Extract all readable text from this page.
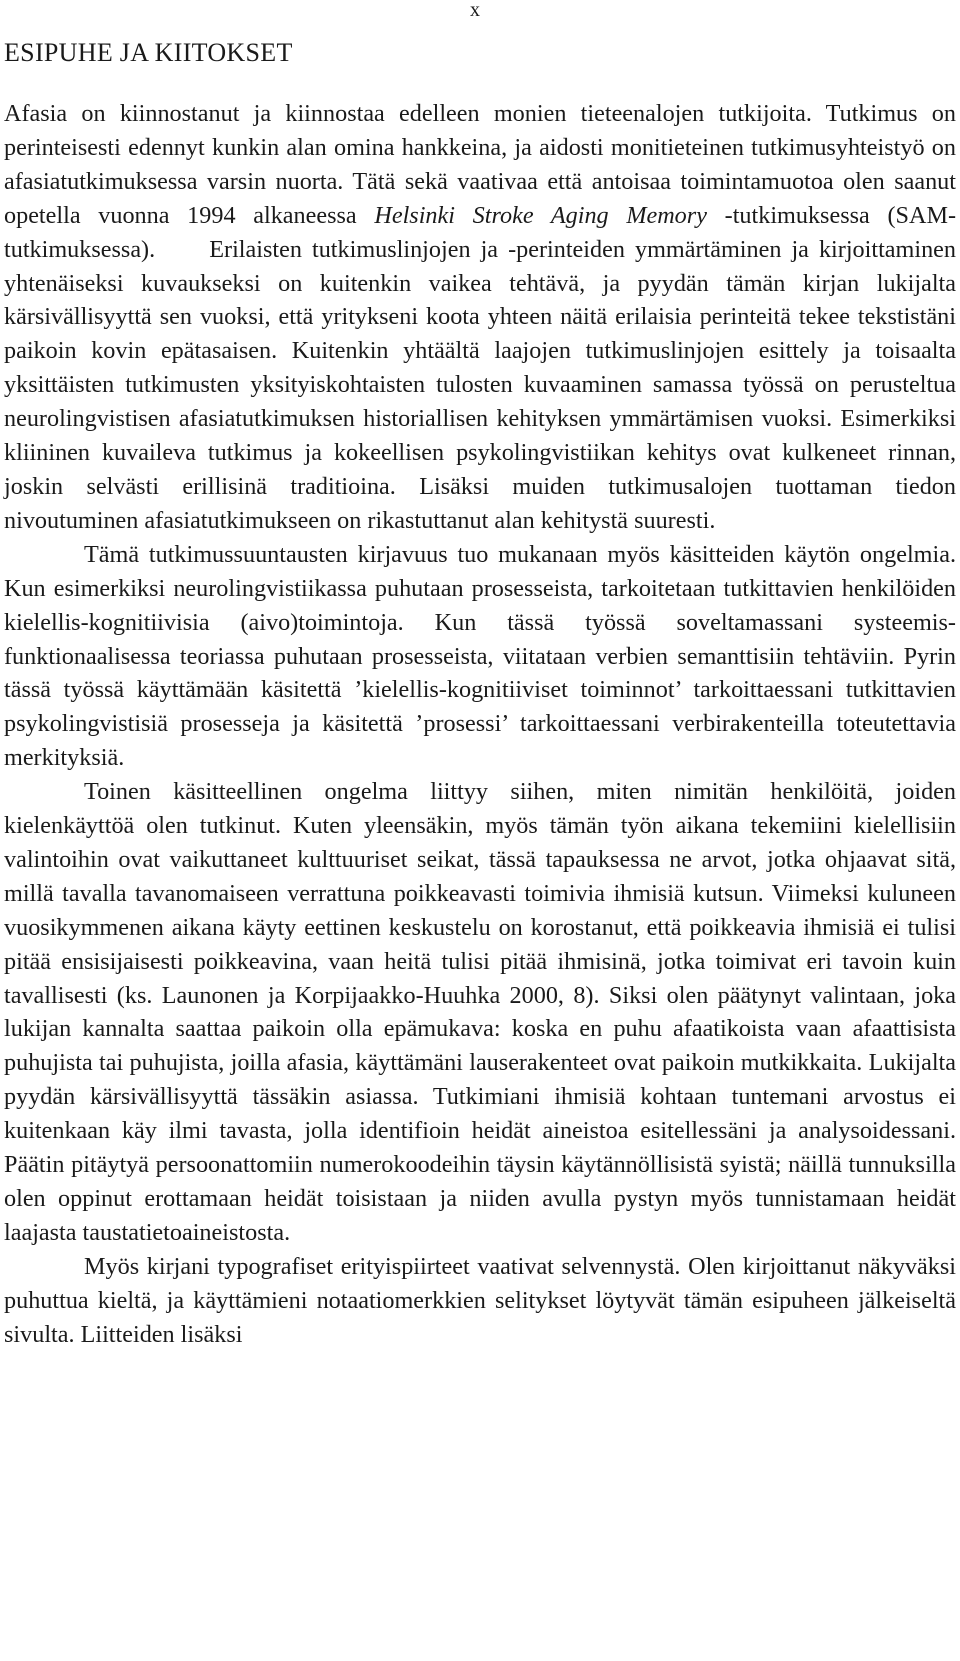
x
ESIPUHE JA KIITOKSET

Afasia on kiinnostanut ja kiinnostaa edelleen monien tieteenalojen tutkijoita. Tutkimus on perinteisesti edennyt kunkin alan omina hankkeina, ja aidosti monitieteinen tutkimusyhteistyö on afasiatutkimuksessa varsin nuorta. Tätä sekä vaativaa että antoisaa toimintamuotoa olen saanut opetella vuonna 1994 alkaneessa Helsinki Stroke Aging Memory -tutkimuksessa (SAM-tutkimuksessa). Erilaisten tutkimuslinjojen ja -perinteiden ymmärtäminen ja kirjoittaminen yhtenäiseksi kuvaukseksi on kuitenkin vaikea tehtävä, ja pyydän tämän kirjan lukijalta kärsivällisyyttä sen vuoksi, että yritykseni koota yhteen näitä erilaisia perinteitä tekee tekstistäni paikoin kovin epätasaisen. Kuitenkin yhtäältä laajojen tutkimuslinjojen esittely ja toisaalta yksittäisten tutkimusten yksityiskohtaisten tulosten kuvaaminen samassa työssä on perusteltua neurolingvistisen afasiatutkimuksen historiallisen kehityksen ymmärtämisen vuoksi. Esimerkiksi kliininen kuvaileva tutkimus ja kokeellisen psykolingvistiikan kehitys ovat kulkeneet rinnan, joskin selvästi erillisinä traditioina. Lisäksi muiden tutkimusalojen tuottaman tiedon nivoutuminen afasiatutkimukseen on rikastuttanut alan kehitystä suuresti.

Tämä tutkimussuuntausten kirjavuus tuo mukanaan myös käsitteiden käytön ongelmia. Kun esimerkiksi neurolingvistiikassa puhutaan prosesseista, tarkoitetaan tutkittavien henkilöiden kielellis-kognitiivisia (aivo)toimintoja. Kun tässä työssä soveltamassani systeemis-funktionaalisessa teoriassa puhutaan prosesseista, viitataan verbien semanttisiin tehtäviin. Pyrin tässä työssä käyttämään käsitettä ’kielellis-kognitiiviset toiminnot’ tarkoittaessani tutkittavien psykolingvistisiä prosesseja ja käsitettä ’prosessi’ tarkoittaessani verbirakenteilla toteutettavia merkityksiä.

Toinen käsitteellinen ongelma liittyy siihen, miten nimitän henkilöitä, joiden kielenkäyttöä olen tutkinut. Kuten yleensäkin, myös tämän työn aikana tekemiini kielellisiin valintoihin ovat vaikuttaneet kulttuuriset seikat, tässä tapauksessa ne arvot, jotka ohjaavat sitä, millä tavalla tavanomaiseen verrattuna poikkeavasti toimivia ihmisiä kutsun. Viimeksi kuluneen vuosikymmenen aikana käyty eettinen keskustelu on korostanut, että poikkeavia ihmisiä ei tulisi pitää ensisijaisesti poikkeavina, vaan heitä tulisi pitää ihmisinä, jotka toimivat eri tavoin kuin tavallisesti (ks. Launonen ja Korpijaakko-Huuhka 2000, 8). Siksi olen päätynyt valintaan, joka lukijan kannalta saattaa paikoin olla epämukava: koska en puhu afaatikoista vaan afaattisista puhujista tai puhujista, joilla afasia, käyttämäni lauserakenteet ovat paikoin mutkikkaita. Lukijalta pyydän kärsivällisyyttä tässäkin asiassa. Tutkimiani ihmisiä kohtaan tuntemani arvostus ei kuitenkaan käy ilmi tavasta, jolla identifioin heidät aineistoa esitellessäni ja analysoidessani. Päätin pitäytyä persoonattomiin numerokoodeihin täysin käytännöllisistä syistä; näillä tunnuksilla olen oppinut erottamaan heidät toisistaan ja niiden avulla pystyn myös tunnistamaan heidät laajasta taustatietoaineistosta.

Myös kirjani typografiset erityispiirteet vaativat selvennystä. Olen kirjoittanut näkyväksi puhuttua kieltä, ja käyttämieni notaatiomerkkien selitykset löytyvät tämän esipuheen jälkeiseltä sivulta. Liitteiden lisäksi
